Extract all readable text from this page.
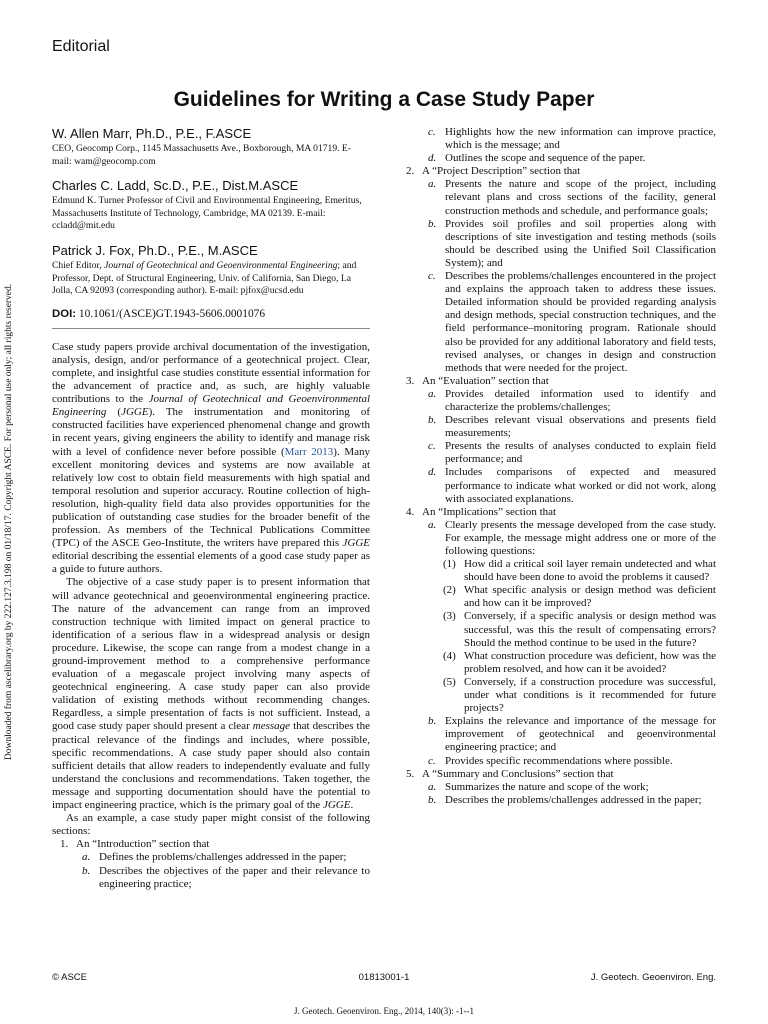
Editorial
Guidelines for Writing a Case Study Paper
Downloaded from ascelibrary.org by 222.127.3.198 on 01/18/17. Copyright ASCE. For personal use only; all rights reserved.
W. Allen Marr, Ph.D., P.E., F.ASCE
CEO, Geocomp Corp., 1145 Massachusetts Ave., Boxborough, MA 01719. E-mail: wam@geocomp.com
Charles C. Ladd, Sc.D., P.E., Dist.M.ASCE
Edmund K. Turner Professor of Civil and Environmental Engineering, Emeritus, Massachusetts Institute of Technology, Cambridge, MA 02139. E-mail: ccladd@mit.edu
Patrick J. Fox, Ph.D., P.E., M.ASCE
Chief Editor, Journal of Geotechnical and Geoenvironmental Engineering; and Professor, Dept. of Structural Engineering, Univ. of California, San Diego, La Jolla, CA 92093 (corresponding author). E-mail: pjfox@ucsd.edu
DOI: 10.1061/(ASCE)GT.1943-5606.0001076

Case study papers provide archival documentation of the investigation, analysis, design, and/or performance of a geotechnical project. Clear, complete, and insightful case studies constitute essential information for the advancement of practice and, as such, are highly valuable contributions to the Journal of Geotechnical and Geoenvironmental Engineering (JGGE). The instrumentation and monitoring of constructed facilities have experienced phenomenal change and growth in recent years, giving engineers the ability to identify and manage risk with a level of confidence never before possible (Marr 2013). Many excellent monitoring devices and systems are now available at relatively low cost to obtain field measurements with high spatial and temporal resolution and superior accuracy. Routine collection of high-resolution, high-quality field data also provides opportunities for the publication of outstanding case studies for the broader benefit of the profession. As members of the Technical Publications Committee (TPC) of the ASCE Geo-Institute, the writers have prepared this JGGE editorial describing the essential elements of a good case study paper as a guide to future authors.

The objective of a case study paper is to present information that will advance geotechnical and geoenvironmental engineering practice. The nature of the advancement can range from an improved construction technique with limited impact on general practice to identification of a serious flaw in a widespread analysis or design procedure. Likewise, the scope can range from a modest change in a ground-improvement method to a comprehensive performance evaluation of a megascale project involving many aspects of geotechnical engineering. A case study paper can also provide validation of existing methods without recommending changes. Regardless, a simple presentation of facts is not sufficient. Instead, a good case study paper should present a clear message that describes the practical relevance of the findings and includes, where possible, specific recommendations. A case study paper should also contain sufficient details that allow readers to independently evaluate and fully understand the conclusions and recommendations. Taken together, the message and supporting documentation should have the potential to impact engineering practice, which is the primary goal of the JGGE.

As an example, a case study paper might consist of the following sections:

1. An “Introduction” section that
a. Defines the problems/challenges addressed in the paper;
b. Describes the objectives of the paper and their relevance to engineering practice;
c. Highlights how the new information can improve practice, which is the message; and
d. Outlines the scope and sequence of the paper.
2. A “Project Description” section that
a. Presents the nature and scope of the project, including relevant plans and cross sections of the facility, general construction methods and schedule, and performance goals;
b. Provides soil profiles and soil properties along with descriptions of site investigation and testing methods (soils should be described using the Unified Soil Classification System); and
c. Describes the problems/challenges encountered in the project and explains the approach taken to address these issues. Detailed information should be provided regarding analysis and design methods, special construction techniques, and the field performance–monitoring program. Rationale should also be provided for any additional laboratory and field tests, revised analyses, or changes in design and construction methods that were needed for the project.
3. An “Evaluation” section that
a. Provides detailed information used to identify and characterize the problems/challenges;
b. Describes relevant visual observations and presents field measurements;
c. Presents the results of analyses conducted to explain field performance; and
d. Includes comparisons of expected and measured performance to indicate what worked or did not work, along with associated explanations.
4. An “Implications” section that
a. Clearly presents the message developed from the case study. For example, the message might address one or more of the following questions:
(1) How did a critical soil layer remain undetected and what should have been done to avoid the problems it caused?
(2) What specific analysis or design method was deficient and how can it be improved?
(3) Conversely, if a specific analysis or design method was successful, was this the result of compensating errors? Should the method continue to be used in the future?
(4) What construction procedure was deficient, how was the problem resolved, and how can it be avoided?
(5) Conversely, if a construction procedure was successful, under what conditions is it recommended for future projects?
b. Explains the relevance and importance of the message for improvement of geotechnical and geoenvironmental engineering practice; and
c. Provides specific recommendations where possible.
5. A “Summary and Conclusions” section that
a. Summarizes the nature and scope of the work;
b. Describes the problems/challenges addressed in the paper;
© ASCE	01813001-1	J. Geotech. Geoenviron. Eng.
J. Geotech. Geoenviron. Eng., 2014, 140(3): -1--1
